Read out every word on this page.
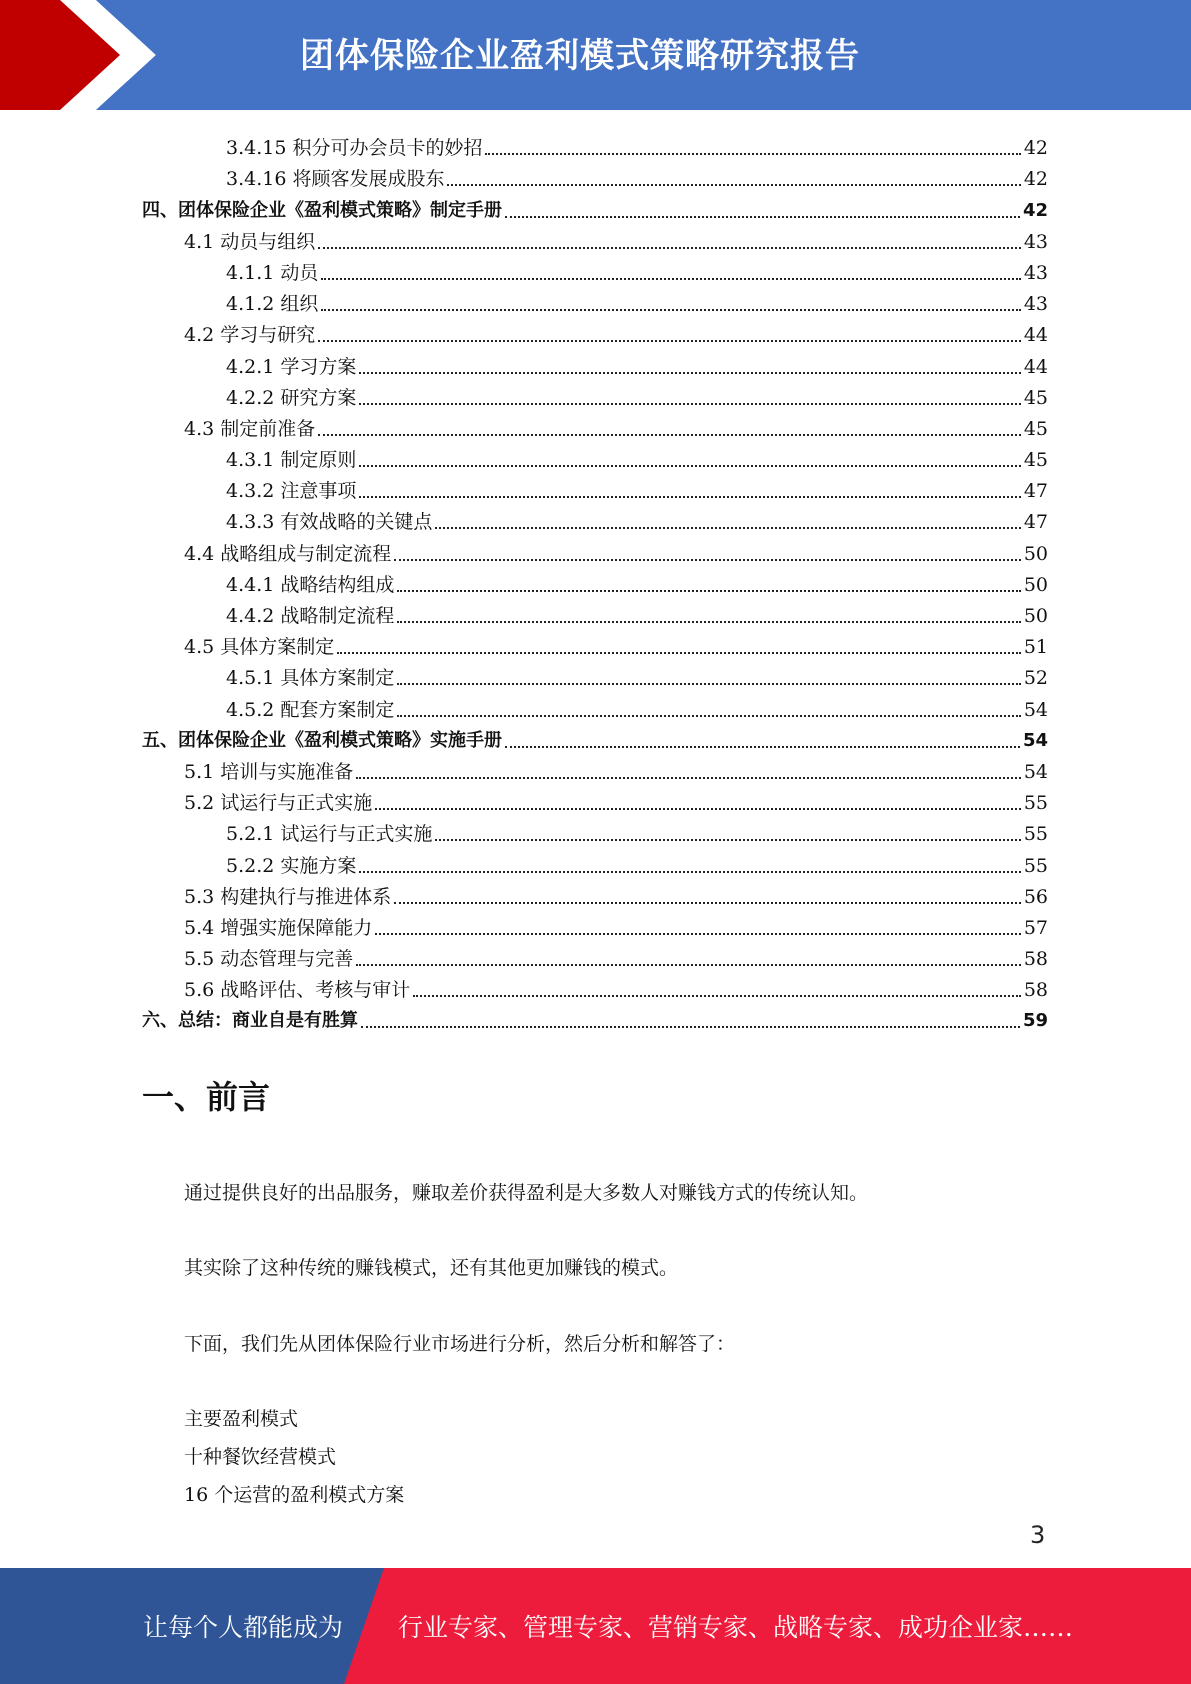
团体保险企业盈利模式策略研究报告
3.4.15 积分可办会员卡的妙招	42
3.4.16 将顾客发展成股东	42
四、团体保险企业《盈利模式策略》制定手册	42
4.1 动员与组织	43
4.1.1 动员	43
4.1.2 组织	43
4.2 学习与研究	44
4.2.1 学习方案	44
4.2.2 研究方案	45
4.3 制定前准备	45
4.3.1 制定原则	45
4.3.2 注意事项	47
4.3.3 有效战略的关键点	47
4.4 战略组成与制定流程	50
4.4.1 战略结构组成	50
4.4.2 战略制定流程	50
4.5 具体方案制定	51
4.5.1 具体方案制定	52
4.5.2 配套方案制定	54
五、团体保险企业《盈利模式策略》实施手册	54
5.1 培训与实施准备	54
5.2 试运行与正式实施	55
5.2.1 试运行与正式实施	55
5.2.2 实施方案	55
5.3 构建执行与推进体系	56
5.4 增强实施保障能力	57
5.5 动态管理与完善	58
5.6 战略评估、考核与审计	58
六、总结：商业自是有胜算	59
一、前言
通过提供良好的出品服务，赚取差价获得盈利是大多数人对赚钱方式的传统认知。
其实除了这种传统的赚钱模式，还有其他更加赚钱的模式。
下面，我们先从团体保险行业市场进行分析，然后分析和解答了：
主要盈利模式
十种餐饮经营模式
16 个运营的盈利模式方案
3
让每个人都能成为 行业专家、管理专家、营销专家、战略专家、成功企业家……
